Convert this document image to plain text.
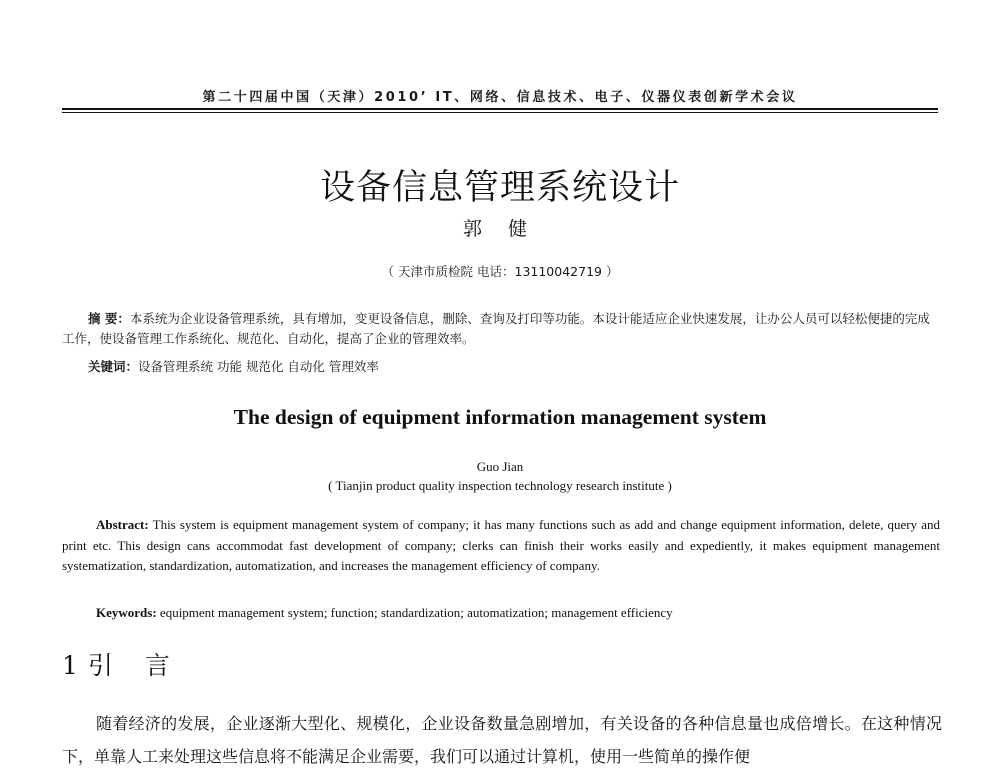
第二十四届中国（天津）2010’ IT、网络、信息技术、电子、仪器仪表创新学术会议
设备信息管理系统设计
郭 健
（ 天津市质检院 电话：13110042719 ）
摘 要：本系统为企业设备管理系统，具有增加，变更设备信息，删除、查询及打印等功能。本设计能适应企业快速发展，让办公人员可以轻松便捷的完成工作，使设备管理工作系统化、规范化、自动化，提高了企业的管理效率。
关键词：设备管理系统 功能 规范化 自动化 管理效率
The design of equipment information management system
Guo Jian
( Tianjin product quality inspection technology research institute )
Abstract: This system is equipment management system of company; it has many functions such as add and change equipment information, delete, query and print etc. This design cans accommodat fast development of company; clerks can finish their works easily and expediently, it makes equipment management systematization, standardization, automatization, and increases the management efficiency of company.
Keywords: equipment management system; function; standardization; automatization; management efficiency
1 引 言
随着经济的发展，企业逐渐大型化、规模化，企业设备数量急剧增加，有关设备的各种信息量也成倍增长。在这种情况下，单靠人工来处理这些信息将不能满足企业需要，我们可以通过计算机，使用一些简单的操作便
